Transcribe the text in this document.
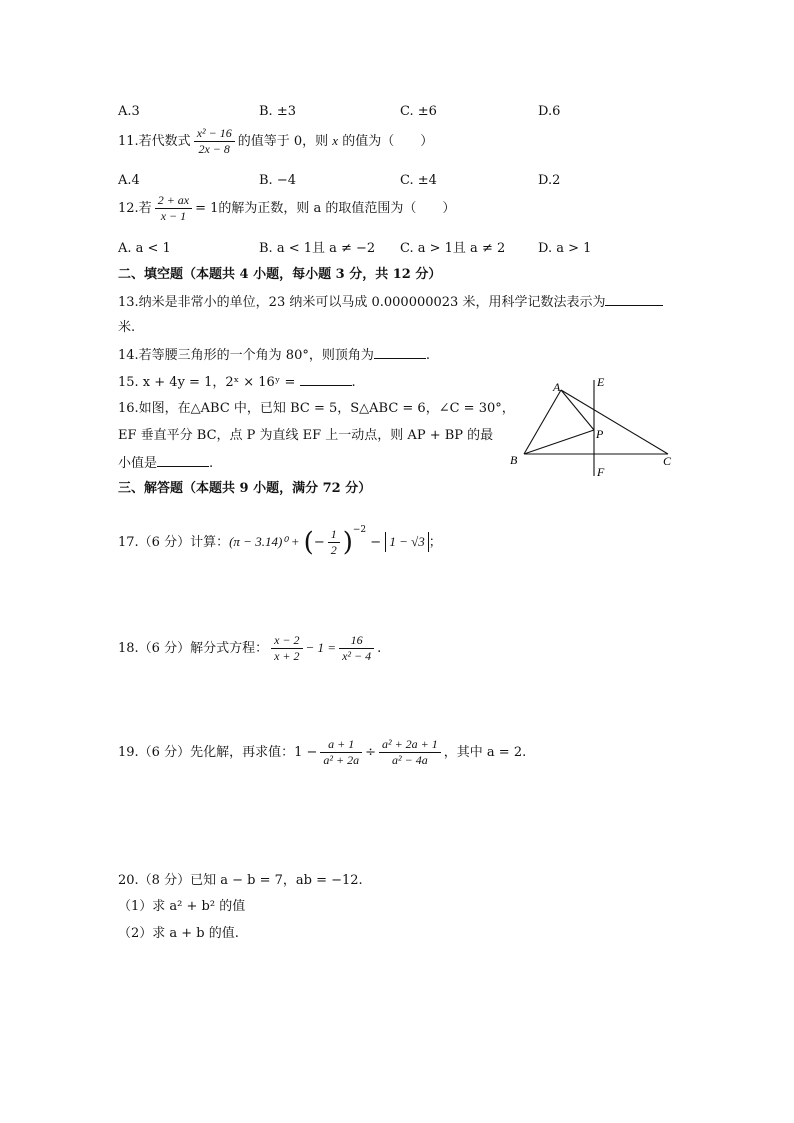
A.3	B. ±3	C. ±6	D.6
11.若代数式 $\frac{\text{x² − 16}}{2x - 8}$ 的值等于 0，则 x 的值为（　　）
A.4	B. −4	C. ±4	D.2
12.若 $\frac{2 + ax}{x - 1} = 1$的解为正数，则 a 的取值范围为（　　）
A. a < 1	B. a < 1且 a ≠ −2 C. a > 1且 a ≠ 2	D. a > 1
二、填空题（本题共 4 小题，每小题 3 分，共 12 分）
13.纳米是非常小的单位，23 纳米可以马成 0.000000023 米，用科学记数法表示为
米.
14.若等腰三角形的一个角为 80°，则顶角为	.
15. x + 4y = 1，2ˣ × 16ʸ =	.
16.如图，在△ABC 中，已知 BC = 5，S△ABC = 6，∠C = 30°，
EF 垂直平分 BC，点 P 为直线 EF 上一动点，则 AP + BP 的最
小值是	.
A	E
P
B	C
F
三、解答题（本题共 9 小题，满分 72 分）
17.（6 分）计算：(π − 3.14)⁰ + (− $\frac{1}{2} )^{-2} - 1 - √3$ ；
18.（6 分）解分式方程： $\frac{x - 2}{x + 2} - 1 = \frac{16}{\text{x² − 4}}$ .
19.（6 分）先化解，再求值：$1 - \frac{a + 1}{\text{a² + 2a}} \div \frac{\text{a² + 2a + 1}}{\text{a² − 4a}}$ ，其中 a = 2.
20.（8 分）已知 a − b = 7，ab = −12.
（1）求 a² + b² 的值
（2）求 a + b 的值.
